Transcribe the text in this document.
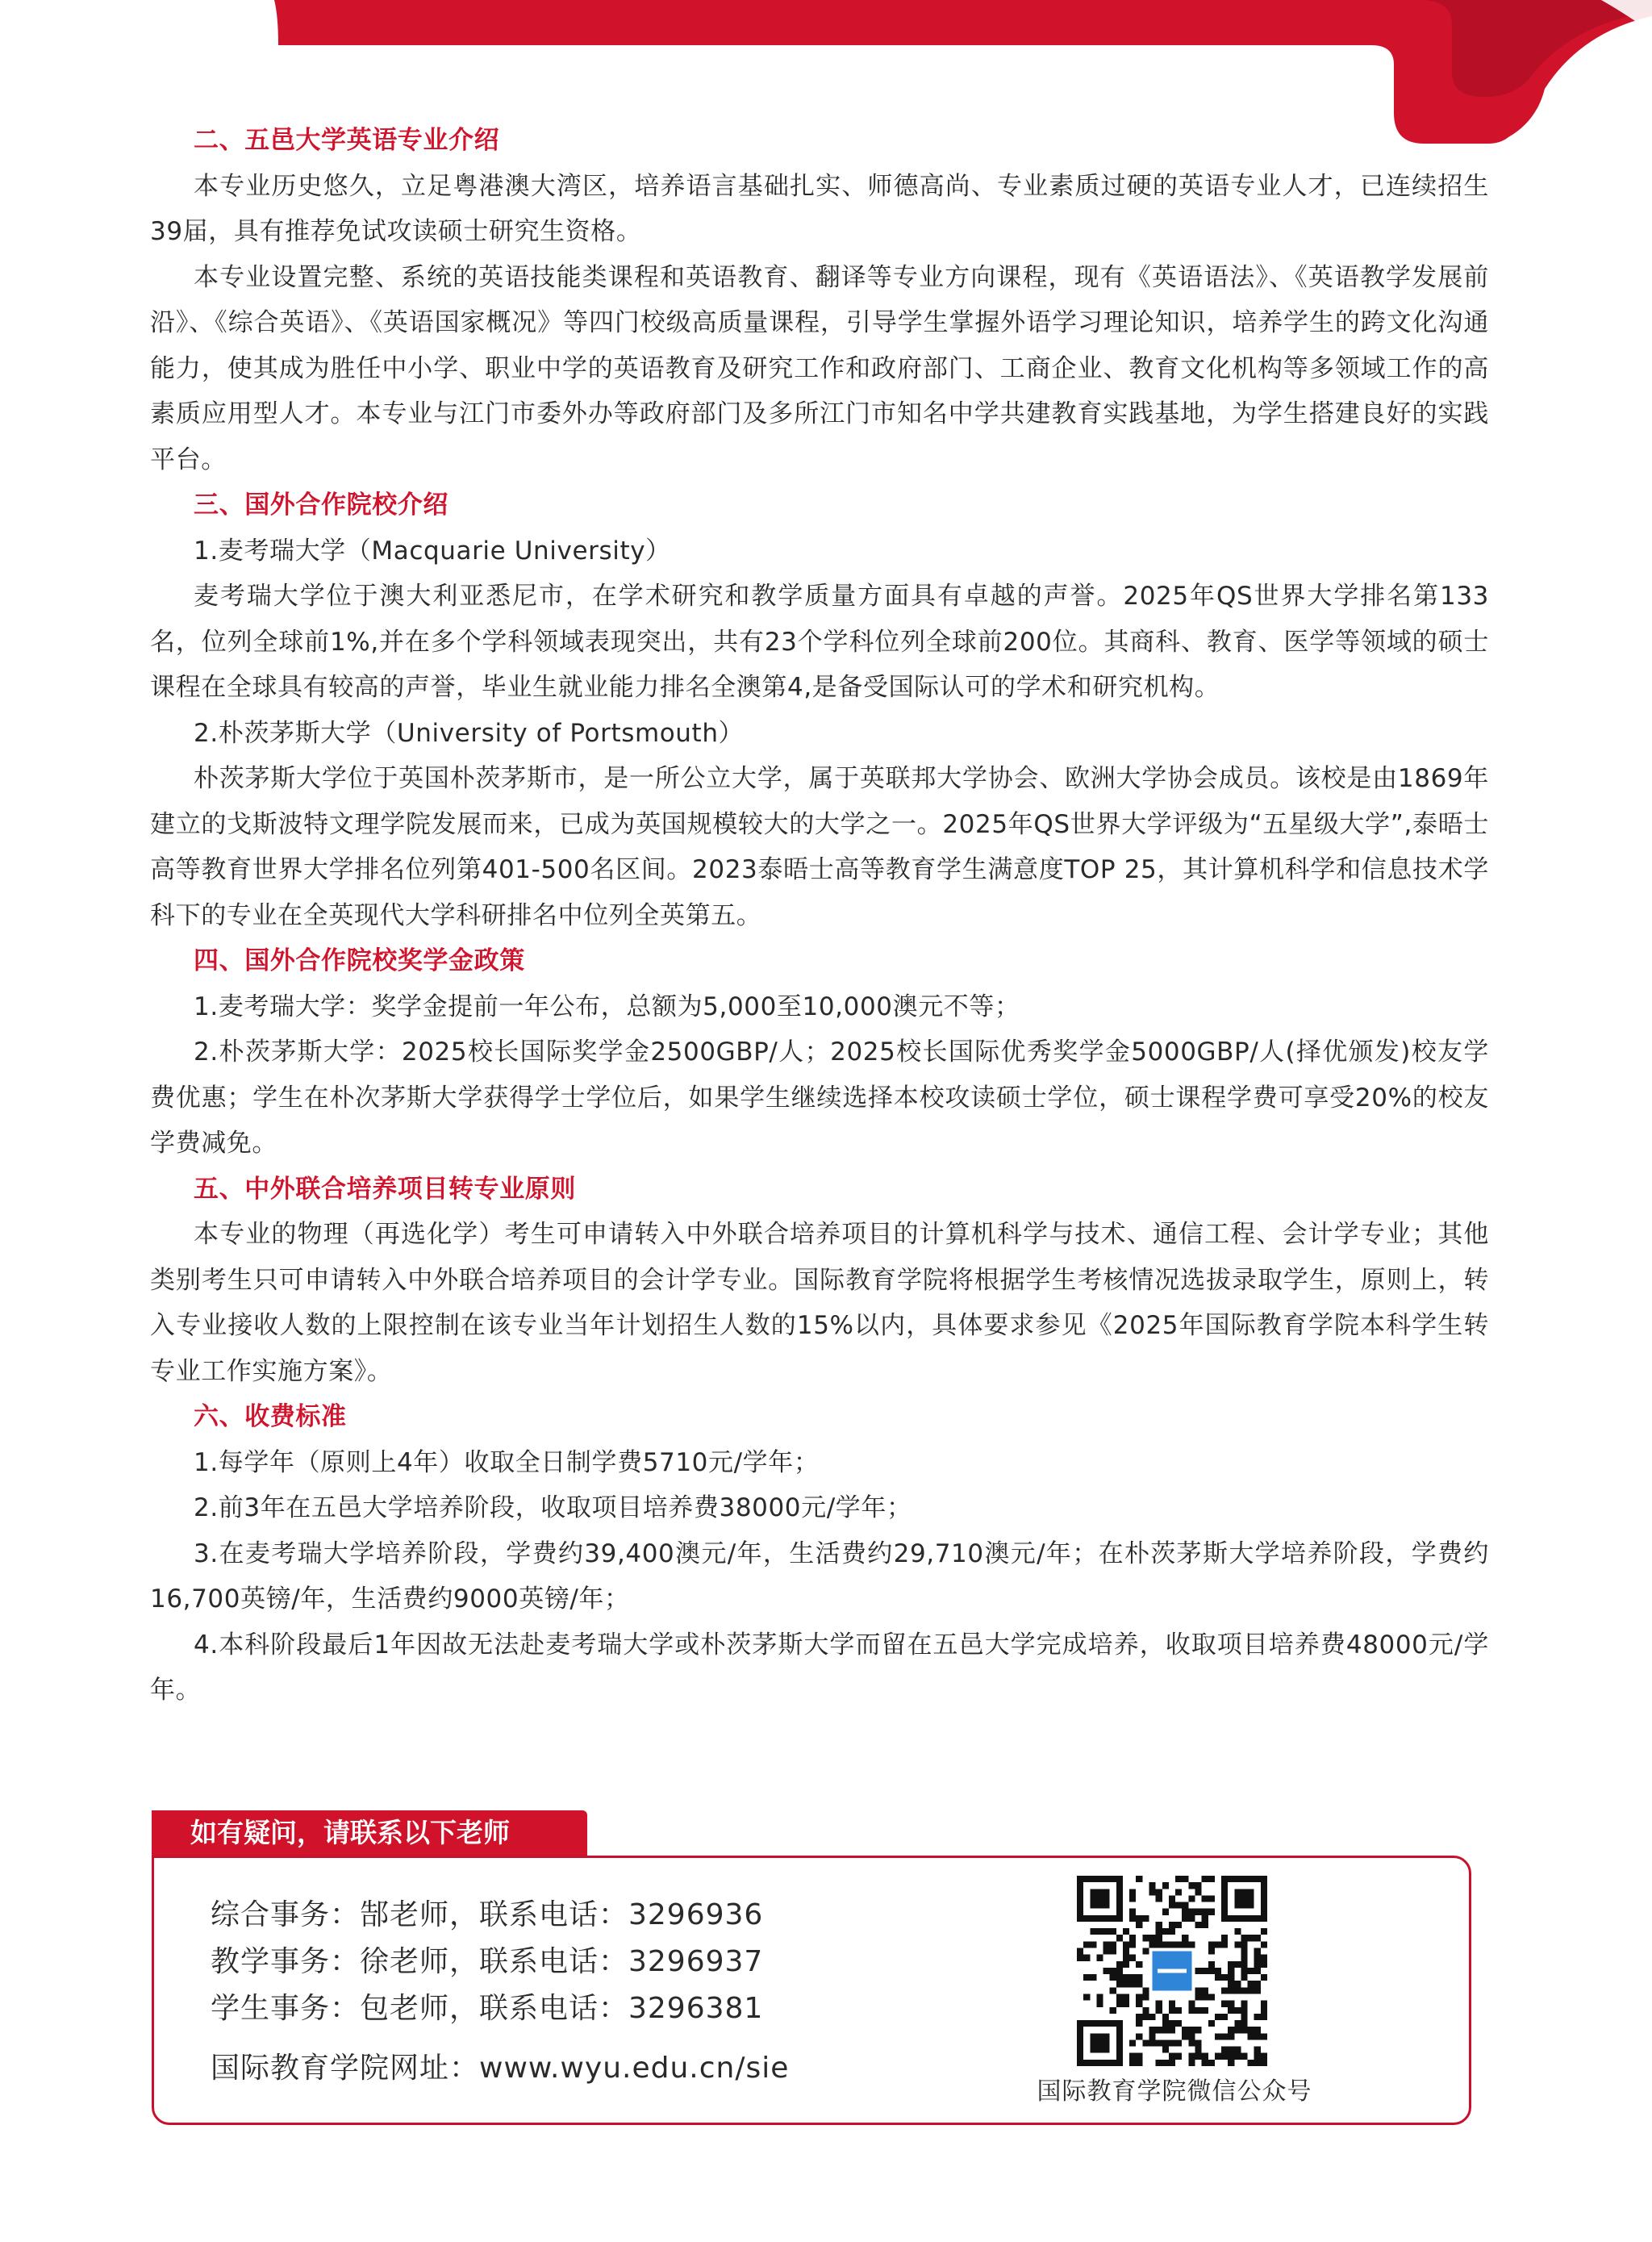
二、五邑大学英语专业介绍

本专业历史悠久，立足粤港澳大湾区，培养语言基础扎实、师德高尚、专业素质过硬的英语专业人才，已连续招生39届，具有推荐免试攻读硕士研究生资格。

本专业设置完整、系统的英语技能类课程和英语教育、翻译等专业方向课程，现有《英语语法》、《英语教学发展前沿》、《综合英语》、《英语国家概况》等四门校级高质量课程，引导学生掌握外语学习理论知识，培养学生的跨文化沟通能力，使其成为胜任中小学、职业中学的英语教育及研究工作和政府部门、工商企业、教育文化机构等多领域工作的高素质应用型人才。本专业与江门市委外办等政府部门及多所江门市知名中学共建教育实践基地，为学生搭建良好的实践平台。

三、国外合作院校介绍

1.麦考瑞大学（Macquarie University）

麦考瑞大学位于澳大利亚悉尼市，在学术研究和教学质量方面具有卓越的声誉。2025年QS世界大学排名第133名，位列全球前1%,并在多个学科领域表现突出，共有23个学科位列全球前200位。其商科、教育、医学等领域的硕士课程在全球具有较高的声誉，毕业生就业能力排名全澳第4,是备受国际认可的学术和研究机构。

2.朴茨茅斯大学（University of Portsmouth）

朴茨茅斯大学位于英国朴茨茅斯市，是一所公立大学，属于英联邦大学协会、欧洲大学协会成员。该校是由1869年建立的戈斯波特文理学院发展而来，已成为英国规模较大的大学之一。2025年QS世界大学评级为“五星级大学”,泰晤士高等教育世界大学排名位列第401-500名区间。2023泰晤士高等教育学生满意度TOP 25，其计算机科学和信息技术学科下的专业在全英现代大学科研排名中位列全英第五。

四、国外合作院校奖学金政策

1.麦考瑞大学：奖学金提前一年公布，总额为5,000至10,000澳元不等；

2.朴茨茅斯大学：2025校长国际奖学金2500GBP/人；2025校长国际优秀奖学金5000GBP/人(择优颁发)校友学费优惠；学生在朴次茅斯大学获得学士学位后，如果学生继续选择本校攻读硕士学位，硕士课程学费可享受20%的校友学费减免。

五、中外联合培养项目转专业原则

本专业的物理（再选化学）考生可申请转入中外联合培养项目的计算机科学与技术、通信工程、会计学专业；其他类别考生只可申请转入中外联合培养项目的会计学专业。国际教育学院将根据学生考核情况选拔录取学生，原则上，转入专业接收人数的上限控制在该专业当年计划招生人数的15%以内，具体要求参见《2025年国际教育学院本科学生转专业工作实施方案》。

六、收费标准

1.每学年（原则上4年）收取全日制学费5710元/学年；

2.前3年在五邑大学培养阶段，收取项目培养费38000元/学年；

3.在麦考瑞大学培养阶段，学费约39,400澳元/年，生活费约29,710澳元/年；在朴茨茅斯大学培养阶段，学费约16,700英镑/年，生活费约9000英镑/年；

4.本科阶段最后1年因故无法赴麦考瑞大学或朴茨茅斯大学而留在五邑大学完成培养，收取项目培养费48000元/学年。

如有疑问，请联系以下老师
综合事务：郜老师，联系电话：3296936
教学事务：徐老师，联系电话：3296937
学生事务：包老师，联系电话：3296381
国际教育学院网址：www.wyu.edu.cn/sie
国际教育学院微信公众号
